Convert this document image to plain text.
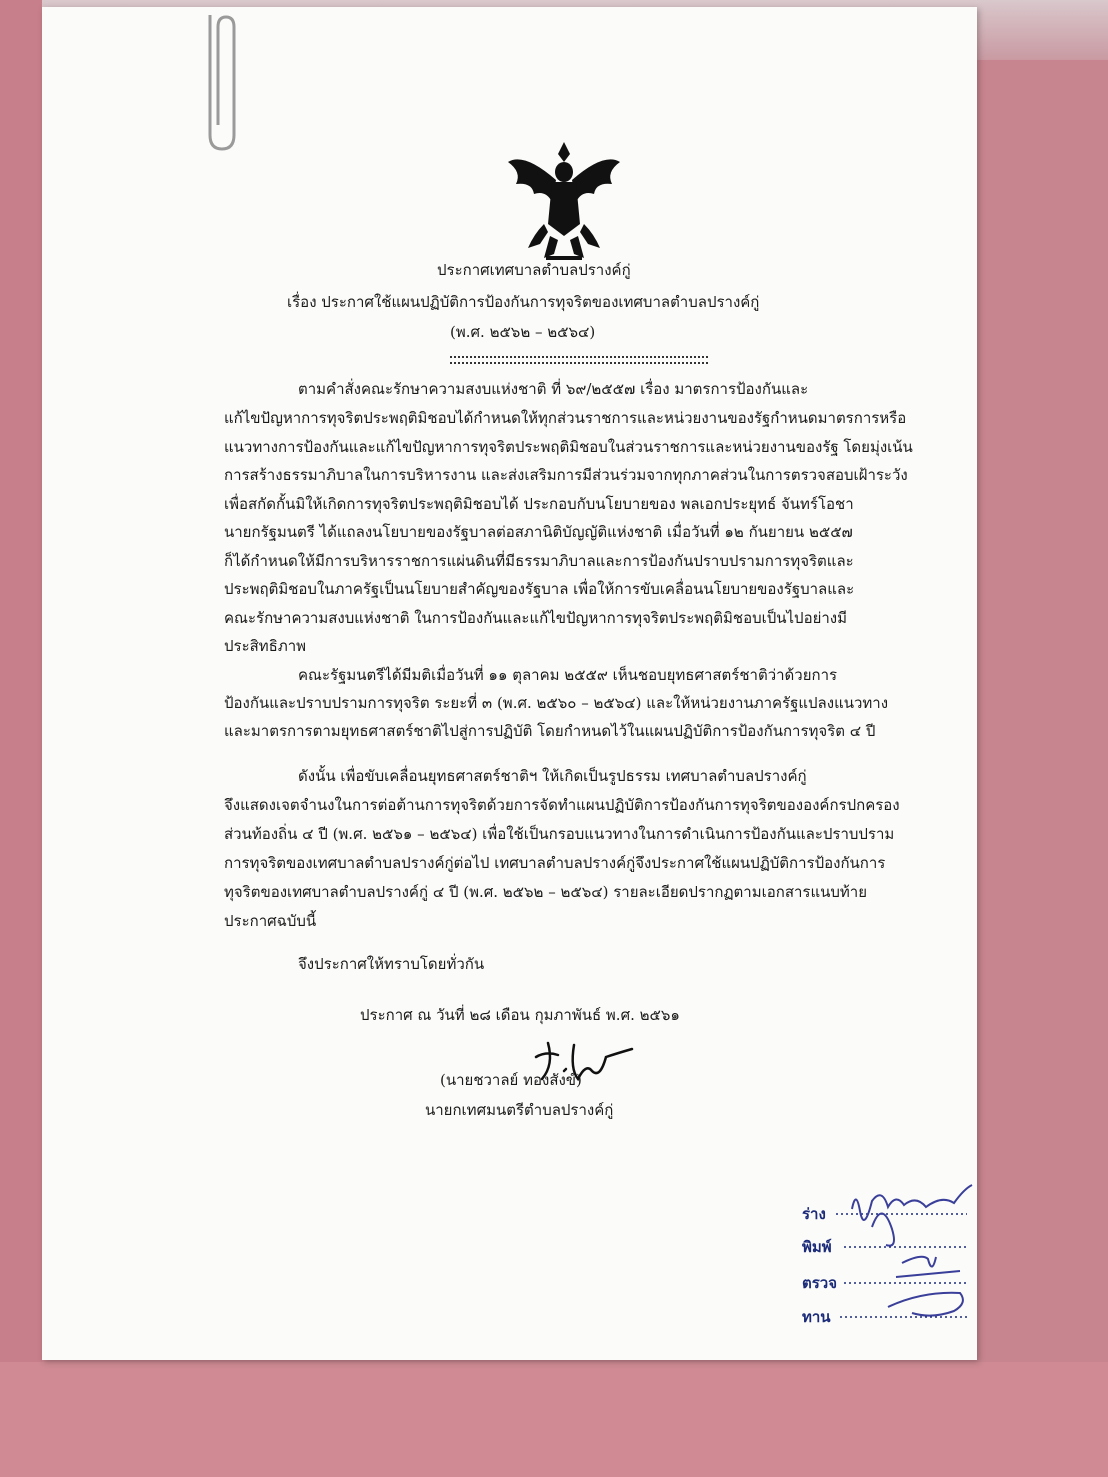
ประกาศเทศบาลตำบลปรางค์กู่
เรื่อง ประกาศใช้แผนปฏิบัติการป้องกันการทุจริตของเทศบาลตำบลปรางค์กู่
(พ.ศ. ๒๕๖๒ – ๒๕๖๔)
ตามคำสั่งคณะรักษาความสงบแห่งชาติ ที่ ๖๙/๒๕๕๗ เรื่อง มาตรการป้องกันและ
แก้ไขปัญหาการทุจริตประพฤติมิชอบได้กำหนดให้ทุกส่วนราชการและหน่วยงานของรัฐกำหนดมาตรการหรือ
แนวทางการป้องกันและแก้ไขปัญหาการทุจริตประพฤติมิชอบในส่วนราชการและหน่วยงานของรัฐ โดยมุ่งเน้น
การสร้างธรรมาภิบาลในการบริหารงาน และส่งเสริมการมีส่วนร่วมจากทุกภาคส่วนในการตรวจสอบเฝ้าระวัง
เพื่อสกัดกั้นมิให้เกิดการทุจริตประพฤติมิชอบได้ ประกอบกับนโยบายของ พลเอกประยุทธ์ จันทร์โอชา
นายกรัฐมนตรี ได้แถลงนโยบายของรัฐบาลต่อสภานิติบัญญัติแห่งชาติ เมื่อวันที่ ๑๒ กันยายน ๒๕๕๗
ก็ได้กำหนดให้มีการบริหารราชการแผ่นดินที่มีธรรมาภิบาลและการป้องกันปราบปรามการทุจริตและ
ประพฤติมิชอบในภาครัฐเป็นนโยบายสำคัญของรัฐบาล เพื่อให้การขับเคลื่อนนโยบายของรัฐบาลและ
คณะรักษาความสงบแห่งชาติ ในการป้องกันและแก้ไขปัญหาการทุจริตประพฤติมิชอบเป็นไปอย่างมี
ประสิทธิภาพ
คณะรัฐมนตรีได้มีมติเมื่อวันที่ ๑๑ ตุลาคม ๒๕๕๙ เห็นชอบยุทธศาสตร์ชาติว่าด้วยการ
ป้องกันและปราบปรามการทุจริต ระยะที่ ๓ (พ.ศ. ๒๕๖๐ – ๒๕๖๔) และให้หน่วยงานภาครัฐแปลงแนวทาง
และมาตรการตามยุทธศาสตร์ชาติไปสู่การปฏิบัติ โดยกำหนดไว้ในแผนปฏิบัติการป้องกันการทุจริต ๔ ปี
ดังนั้น เพื่อขับเคลื่อนยุทธศาสตร์ชาติฯ ให้เกิดเป็นรูปธรรม เทศบาลตำบลปรางค์กู่
จึงแสดงเจตจำนงในการต่อต้านการทุจริตด้วยการจัดทำแผนปฏิบัติการป้องกันการทุจริตขององค์กรปกครอง
ส่วนท้องถิ่น ๔ ปี (พ.ศ. ๒๕๖๑ – ๒๕๖๔) เพื่อใช้เป็นกรอบแนวทางในการดำเนินการป้องกันและปราบปราม
การทุจริตของเทศบาลตำบลปรางค์กู่ต่อไป เทศบาลตำบลปรางค์กู่จึงประกาศใช้แผนปฏิบัติการป้องกันการ
ทุจริตของเทศบาลตำบลปรางค์กู่ ๔ ปี (พ.ศ. ๒๕๖๒ – ๒๕๖๔) รายละเอียดปรากฏตามเอกสารแนบท้าย
ประกาศฉบับนี้
จึงประกาศให้ทราบโดยทั่วกัน
ประกาศ ณ วันที่ ๒๘ เดือน กุมภาพันธ์ พ.ศ. ๒๕๖๑
(นายชวาลย์ ทองสังข์)
นายกเทศมนตรีตำบลปรางค์กู่
ร่าง
พิมพ์
ตรวจ
ทาน
